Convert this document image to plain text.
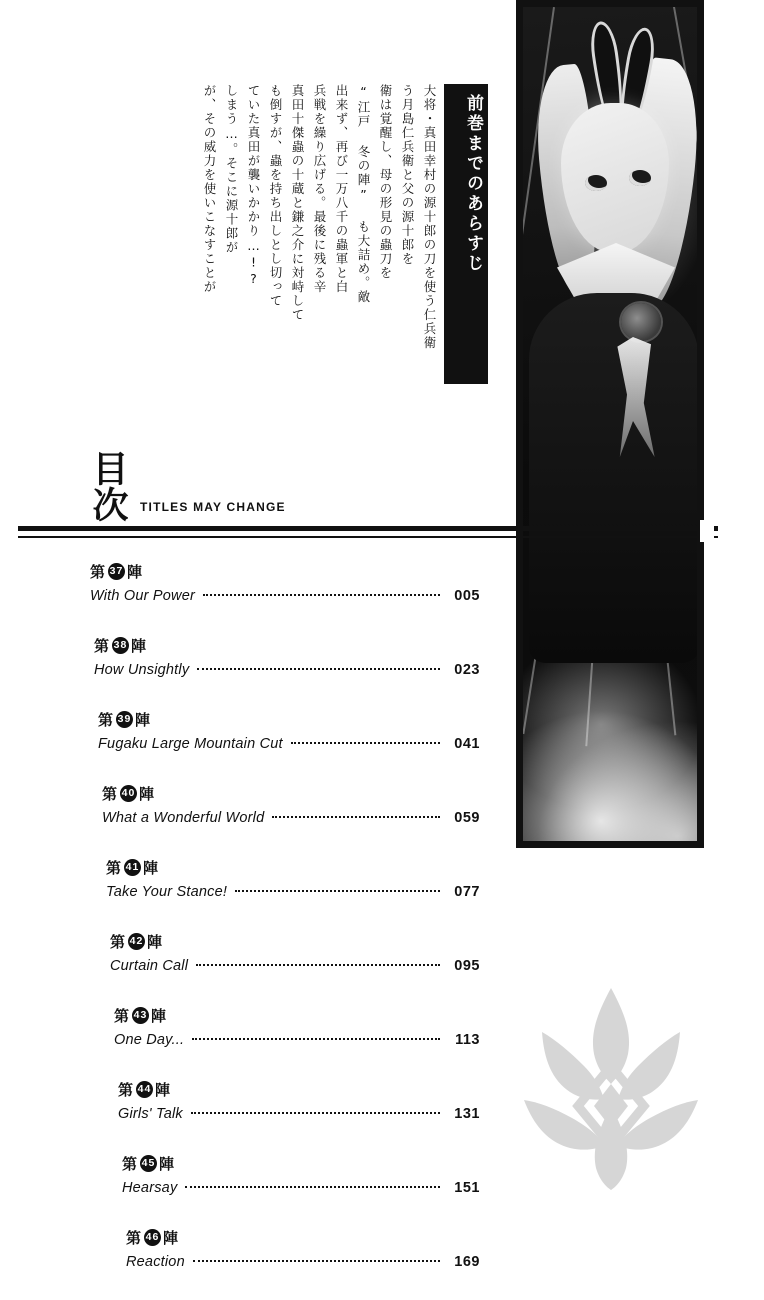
前巻までのあらすじ
大将・真田幸村の源十郎の刀を使う仁兵衛
う月島仁兵衛と父の源十郎を
衛は覚醒し、母の形見の蟲刀を
“江戸 冬の陣” も大詰め。敵
出来ず、再び一万八千の蟲軍と白
兵戦を繰り広げる。最後に残る辛
真田十傑蟲の十蔵と鎌之介に対峙して
も倒すが、蟲を持ち出しとし切って
ていた真田が襲いかかり…!?
しまう…。そこに源十郎が
が、その威力を使いこなすことが
目次 TITLES MAY CHANGE
第 37 陣
With Our Power	005
第 38 陣
How Unsightly	023
第 39 陣
Fugaku Large Mountain Cut	041
第 40 陣
What a Wonderful World	059
第 41 陣
Take Your Stance!	077
第 42 陣
Curtain Call	095
第 43 陣
One Day...	113
第 44 陣
Girls' Talk	131
第 45 陣
Hearsay	151
第 46 陣
Reaction	169
